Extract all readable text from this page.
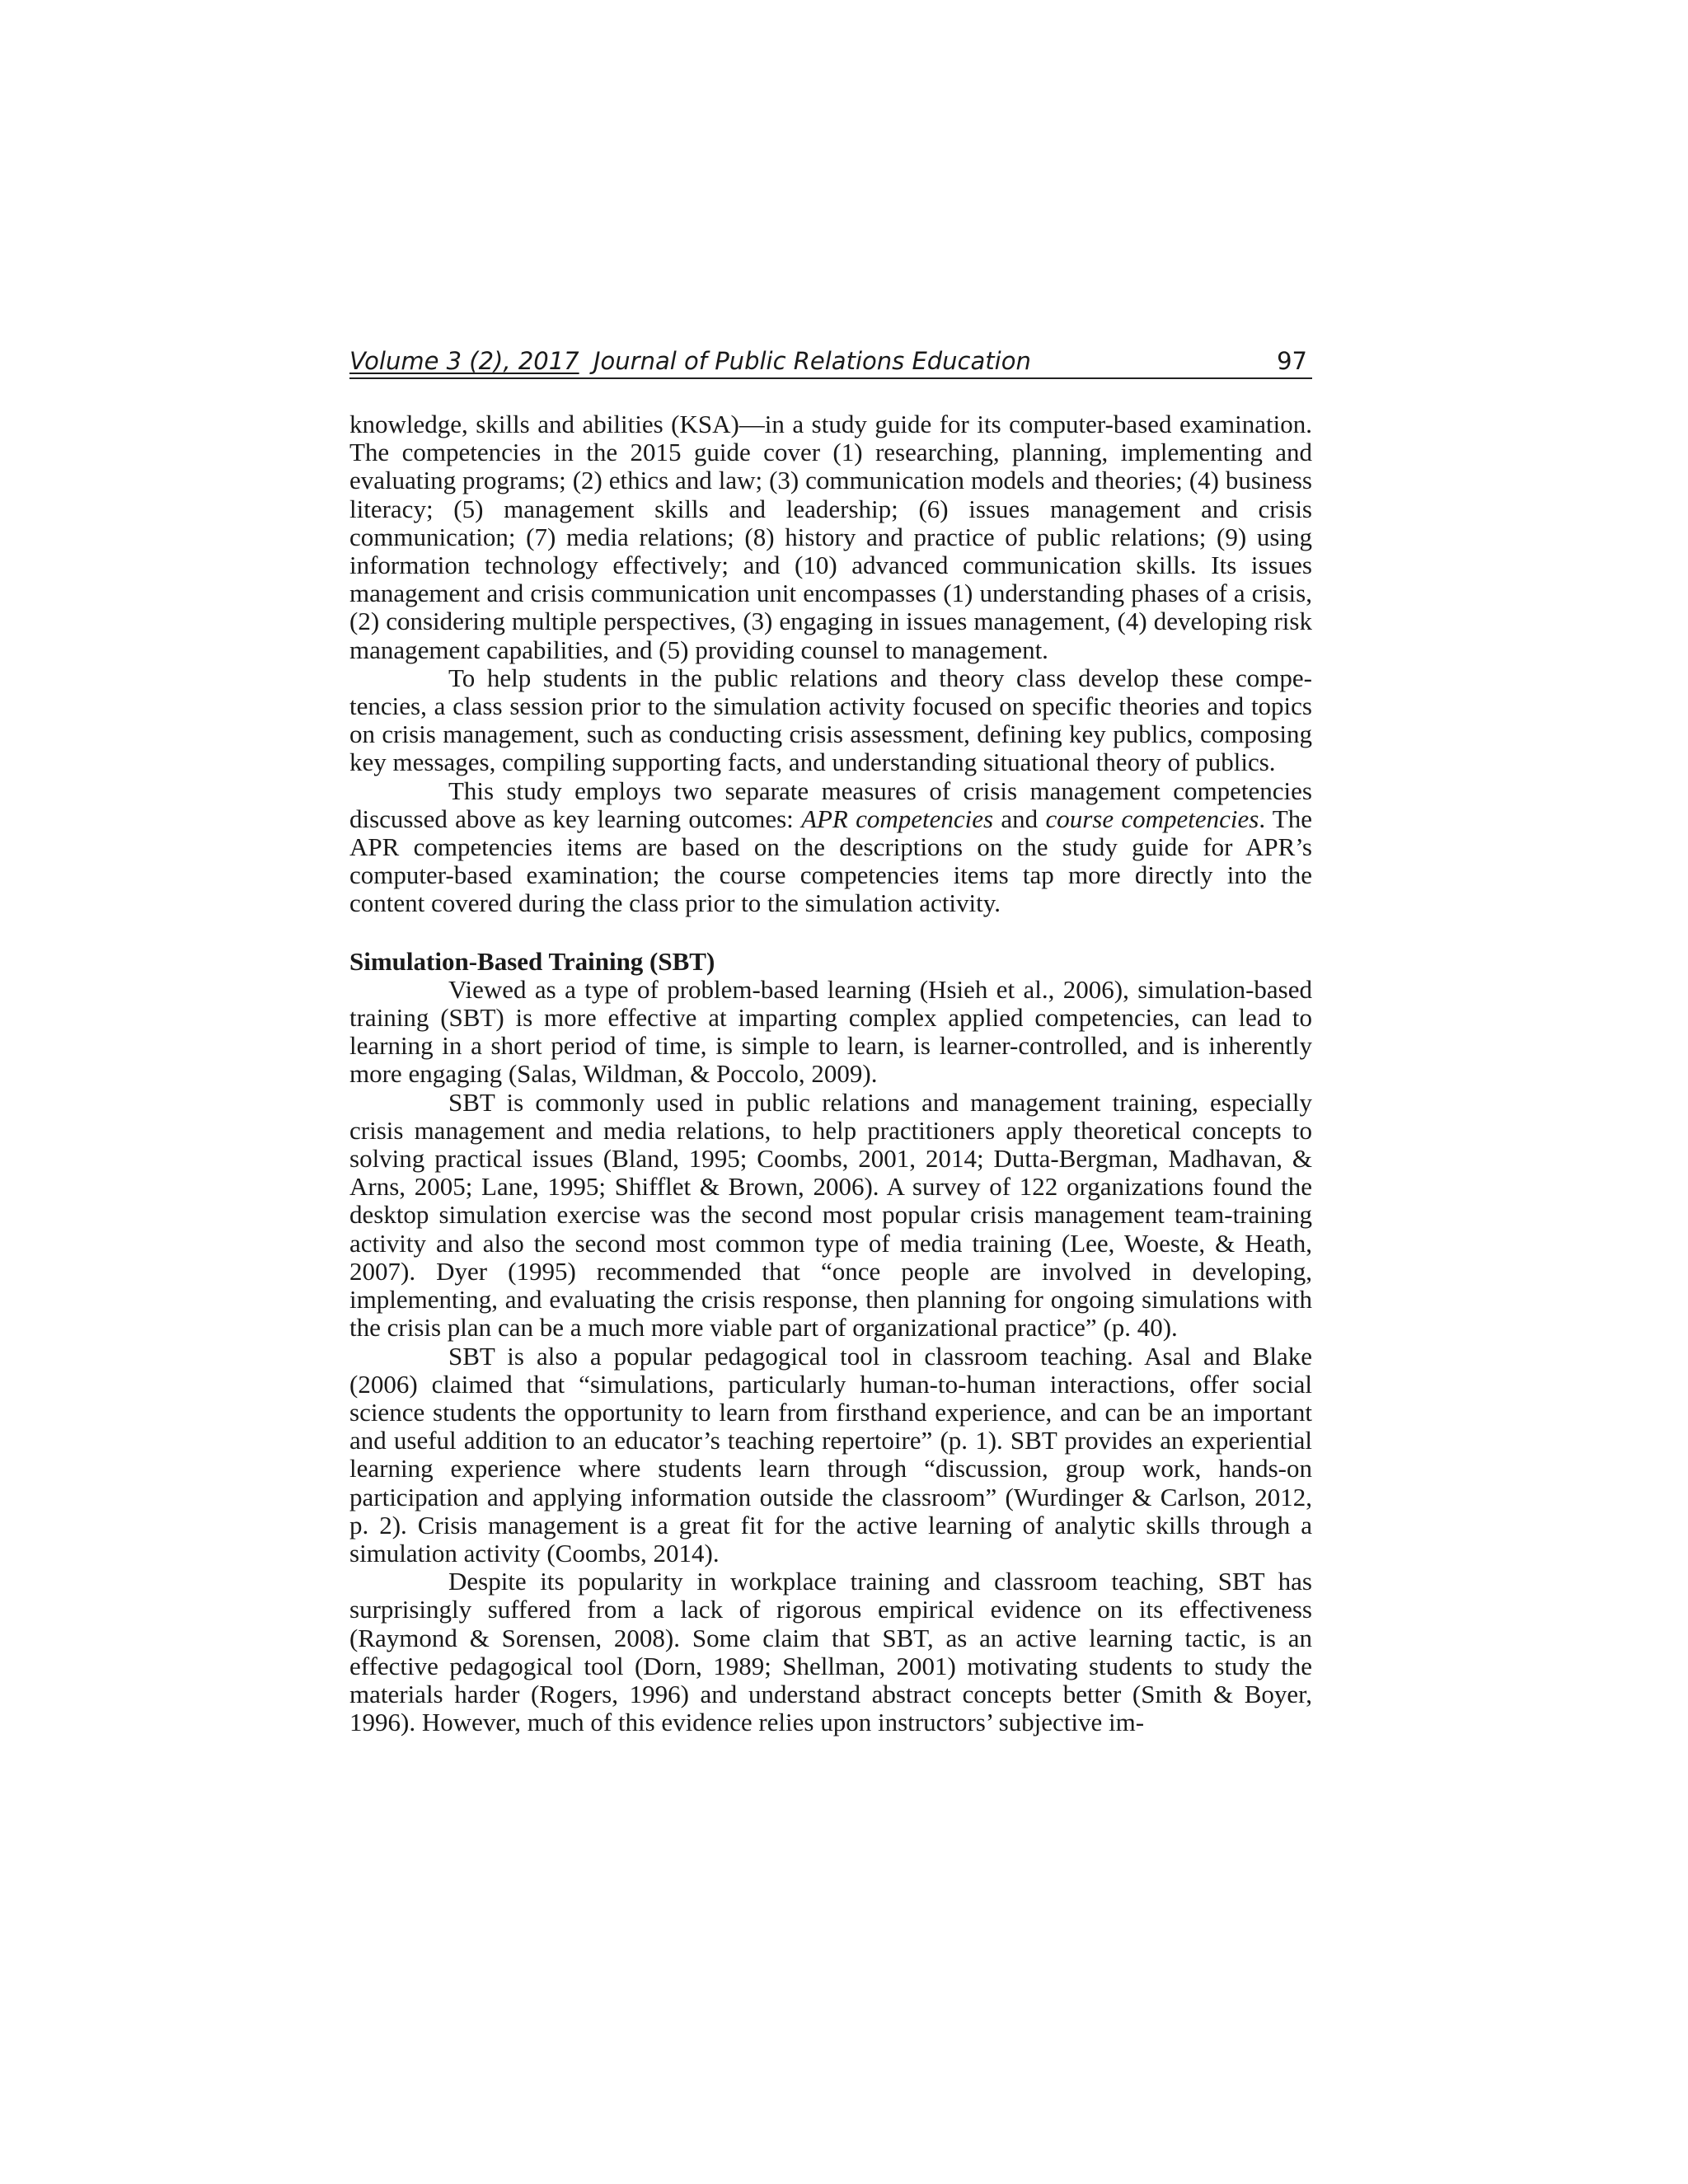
Volume 3 (2), 2017 Journal of Public Relations Education	97

knowledge, skills and abilities (KSA)—in a study guide for its computer-based examination. The competencies in the 2015 guide cover (1) researching, planning, implementing and evaluating programs; (2) ethics and law; (3) communication models and theories; (4) business literacy; (5) management skills and leadership; (6) issues management and crisis communication; (7) media relations; (8) history and practice of public relations; (9) using information technology effectively; and (10) advanced communication skills. Its issues management and crisis communication unit encompasses (1) understanding phases of a crisis, (2) considering multiple perspectives, (3) engaging in issues management, (4) developing risk management capabilities, and (5) providing counsel to management.

To help students in the public relations and theory class develop these competencies, a class session prior to the simulation activity focused on specific theories and topics on crisis management, such as conducting crisis assessment, defining key publics, composing key messages, compiling supporting facts, and understanding situational theory of publics.

This study employs two separate measures of crisis management competencies discussed above as key learning outcomes: APR competencies and course competencies. The APR competencies items are based on the descriptions on the study guide for APR’s computer-based examination; the course competencies items tap more directly into the content covered during the class prior to the simulation activity.

Simulation-Based Training (SBT)

Viewed as a type of problem-based learning (Hsieh et al., 2006), simulation-based training (SBT) is more effective at imparting complex applied competencies, can lead to learning in a short period of time, is simple to learn, is learner-controlled, and is inherently more engaging (Salas, Wildman, & Poccolo, 2009).

SBT is commonly used in public relations and management training, especially crisis management and media relations, to help practitioners apply theoretical concepts to solving practical issues (Bland, 1995; Coombs, 2001, 2014; Dutta-Bergman, Madhavan, & Arns, 2005; Lane, 1995; Shifflet & Brown, 2006). A survey of 122 organizations found the desktop simulation exercise was the second most popular crisis management team-training activity and also the second most common type of media training (Lee, Woeste, & Heath, 2007). Dyer (1995) recommended that “once people are involved in developing, implementing, and evaluating the crisis response, then planning for ongoing simulations with the crisis plan can be a much more viable part of organizational practice” (p. 40).

SBT is also a popular pedagogical tool in classroom teaching. Asal and Blake (2006) claimed that “simulations, particularly human-to-human interactions, offer social science students the opportunity to learn from firsthand experience, and can be an important and useful addition to an educator’s teaching repertoire” (p. 1). SBT provides an experiential learning experience where students learn through “discussion, group work, hands-on participation and applying information outside the classroom” (Wurdinger & Carlson, 2012, p. 2). Crisis management is a great fit for the active learning of analytic skills through a simulation activity (Coombs, 2014).

Despite its popularity in workplace training and classroom teaching, SBT has surprisingly suffered from a lack of rigorous empirical evidence on its effectiveness (Raymond & Sorensen, 2008). Some claim that SBT, as an active learning tactic, is an effective pedagogical tool (Dorn, 1989; Shellman, 2001) motivating students to study the materials harder (Rogers, 1996) and understand abstract concepts better (Smith & Boyer, 1996). However, much of this evidence relies upon instructors’ subjective im-
